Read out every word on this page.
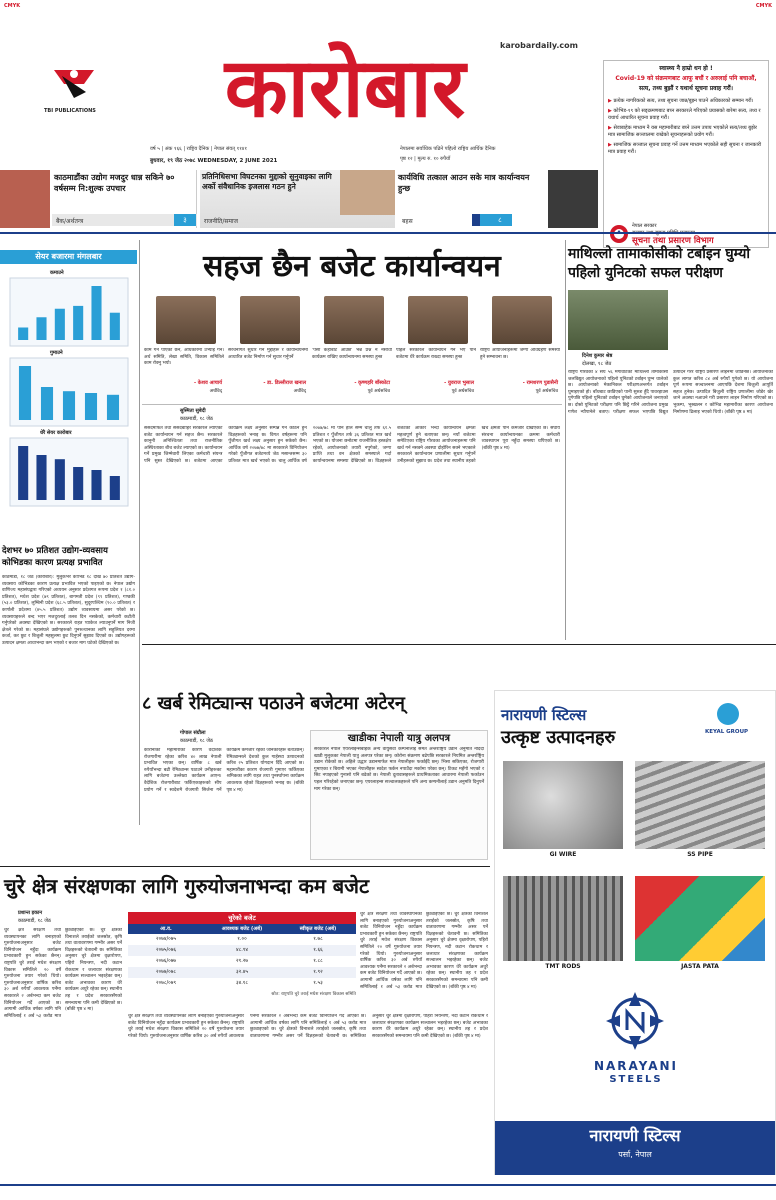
CMYK	CMYK
TBI PUBLICATIONS	कारोबार	karobardaily.com
वर्ष ५ | अंक १६६ | राष्ट्रिय दैनिक | नेपाल संवत् ११४१
बुधवार, १९ जेठ २०७८ WEDNESDAY, 2 JUNE 2021
नेपालमा सर्वाधिक पढिने पहिलो राष्ट्रिय आर्थिक दैनिक
पृष्ठ १२ | मूल्य रु. १० रुपैयाँ
स्वास्थ्य नै हाम्रो धन हो !
Covid-19 को संक्रमणबाट आफू बचौं र अरुलाई पनि बचाऔं,
सत्य, तथ्य बुझौं र यथार्थ सूचना प्रवाह गरौं।
▶ प्रत्येक नागरिकको सत्य, तथ्य सूचना जान्न/बुझ्न पाउने अधिकारको सम्मान गरौं।
▶ कोभिड-१९ को सङ्क्रमणबाट बच्न सरकारले गरिएको प्रयासको बारेमा सत्य, तथ्य र यथार्थ आधारित सूचना प्रवाह गरौं।
▶ सेवाबाहेक माध्यम नै यस महामारीबाट बच्ने उत्तम उपाय भएकोले सत्य/तथ्य बुझेर मात्र सामाजिक सञ्जालमा राखेको सूचनाहरूको प्रयोग गरौं।
▶ सामाजिक सञ्जाल सूचना प्रवाह गर्ने उत्तम माध्यम भएकोले सही सूचना र जानकारी मात्र प्रवाह गरौं।
नेपाल सरकार
सूचना तथा प्रसारण विभाग
काठमाडौंका उद्योग मजदुर धान्न सकिने ७० वर्षसम्म नि:शुल्क उपचार
बैंक/अर्थतन्त्र	३
प्रतिनिधिसभा विघटनका मुद्दाको सुनुवाइका लागि अर्को संवैधानिक इजलास गठन हुने
राजनीति/समाज
कार्यविधि तत्काल आउन सके मात्र कार्यान्वयन हुन्छ
बहस	८
सेयर बजारमा मंगलबार
कमाउने
गुमाउने
धेरै सेयर कारोबार
देशभर ७० प्रतिशत उद्योग-व्यवसाय कोभिडका कारण प्रत्यक्ष प्रभावित
काठमाडौं, १८ जेठ (कारोबार): मुलुकभर कोभिड १८ देखि ७० प्रतिशत उद्योग-व्यवसाय कोभिडका कारण प्रत्यक्ष प्रभावित भएको पाइएको छ। नेपाल उद्योग वाणिज्य महासंघद्वारा गरिएको अध्ययन अनुसार प्रदेशगत रूपमा प्रदेश १ (८१.० प्रतिशत), मधेश प्रदेश (७९ प्रतिशत), बागमती प्रदेश (९९ प्रतिशत), गण्डकी (५३.० प्रतिशत), लुम्बिनी प्रदेश (६८.५ प्रतिशत), सुदूरपश्चिम (९०.० प्रतिशत) र कर्णाली प्रदेशमा (४५.५ प्रतिशत) उद्योग व्यवसायमा असर परेको छ। व्यवसायहरूले बन्द भएर मजदुरलाई तलब दिन नसकेको, कर्मचारी कटौती गर्नुपरेको अवस्था देखिएको छ। सरकारले राहत प्याकेज ल्याउनुपर्ने माग निजी क्षेत्रले गरेको छ। महासंघले उद्योगहरूको पुनरुत्थानका लागि सहुलियत दरमा कर्जा, कर छुट र बिजुली महसुलमा छुट दिनुपर्ने सुझाव दिएको छ। उद्योगहरूको उत्पादन क्षमता आधाभन्दा कम भएको र बजार माग घटेको देखिएको छ।
सहज छैन बजेट कार्यान्वयन
काम गर्ने पाएको छैन, अधिकारमा उभ्याइ गर्ने। अर्थ समिति, लेखा समिति, विकास समितिले काम रोक्नु भयो।
- केशव आचार्य
अर्थविद्
संरचनागत सुधार गर्ने मुद्दाहरू र कार्यान्वयनमा आधारित बजेट निर्माण गर्न सुधार गर्नुपर्ने
- डा. डिल्लीराज खनाल
अर्थविद्
'पैसा कहाँबाट आउँछ' भन्ने प्रश्न नै नसोधी कार्यक्रम राखिए कार्यान्वयनमा समस्या हुन्छ
- कृष्णहरि बाँस्कोटा
पूर्व अर्थसचिव
पहिले सरकारले कार्यान्वयन गर्ने भए पनि बजेटमा धेरै कार्यक्रम राख्दा समस्या हुन्छ
- युवराज भुसाल
पूर्व अर्थसचिव
राष्ट्रिय आयोजनाहरूमा जग्गा अधिग्रहण समस्या हुने सम्भावना छ।
- रामशरण पुडासैनी
पूर्व अर्थसचिव
सुस्मिता सुबेदी
काठमाडौं, १८ जेठ
संसदमार्फत तथा संसदबाहिर सरकारले ल्याएको बजेट कार्यान्वयन गर्न सहज छैन। सरकारले कानुनी अनिश्चितता तथा राजनीतिक अस्थिरताका बीच बजेट ल्याएको छ। कार्यान्वयन गर्ने प्रमुख जिम्मेवारी लिएका कर्मचारी संयन्त्र पनि सुस्त देखिएको छ। बजेटमा आएका कार्यक्रम लक्ष्य अनुसार सम्पन्न गर्न कठिन हुने विज्ञहरूको भनाइ छ। विगत वर्षहरूमा पनि पुँजीगत खर्च लक्ष्य अनुसार हुन सकेको छैन। आर्थिक वर्ष २०७७/७८ मा सरकारले विनियोजन गरेको पुँजीगत बजेटमध्ये जेठ मसान्तसम्म ३० प्रतिशत मात्र खर्च भएको छ। चालु आर्थिक वर्ष २०७७/७८ मा पनि हाल सम्म चालु तर्फ ६१.५ प्रतिशत र पुँजीगत तर्फ ३६ प्रतिशत मात्र खर्च भएको छ। योजना छनोटमा राजनीतिक हस्तक्षेप रहेको, आयोजनाको तयारी नपुगेको, जग्गा प्राप्ति तथा वन क्षेत्रको समस्याले गर्दा कार्यान्वयनमा समस्या देखिएको छ। विज्ञहरूले बजेटको आकार भन्दा कार्यान्वयन क्षमता महत्वपूर्ण हुने बताएका छन्। नयाँ बजेटमा समेटिएका राष्ट्रिय गौरवका आयोजनाहरूमा पनि खर्च गर्न नसक्ने अवस्था दोहोरिन सक्ने भएकाले सरकारले कार्यान्वयन प्रणालीमा सुधार गर्नुपर्ने उनीहरूको सुझाव छ। प्रदेश तथा स्थानीय तहको खर्च क्षमता पनि कमजोर देखिएको छ। संघीय संरचना कार्यान्वयनका क्रममा कर्मचारी व्यवस्थापन पूरा नहुँदा समस्या थपिएको छ। (बाँकी पृष्ठ ४ मा)
माथिल्लो तामाकोसीको टर्बाइन घुम्यो पहिलो युनिटको सफल परीक्षण
दिनेश कुमार श्रेष्ठ
दोलखा, १८ जेठ
राष्ट्रिय गौरवको ४ सय ५६ मेगावाटको माथिल्लो तामाकोसी जलविद्युत आयोजनाको पहिलो युनिटको टर्बाइन घुम्न थालेको छ। आयोजनाको मेकानिकल परीक्षणअन्तर्गत टर्बाइन घुमाइएको हो। बाँधबाट छाडिएको पानी सुरुङ हुँदै पावरहाउस पुगेपछि पहिलो युनिटको टर्बाइन घुमेको आयोजनाले जनाएको छ। दोस्रो युनिटको परीक्षण पनि छिट्टै गरिने आयोजना प्रमुख गणेश न्यौपानेले बताए। परीक्षण सफल भएपछि विद्युत उत्पादन गरेर राष्ट्रिय प्रसारण लाइनमा जोडिनेछ। आयोजनाको कुल लागत करिब ८४ अर्ब रुपैयाँ पुगेको छ। यो आयोजना पूर्ण रूपमा सञ्चालनमा आएपछि देशमा बिजुली आपूर्ति सहज हुनेछ। उत्पादित बिजुली राष्ट्रिय प्रणालीमा जोडेर खेर जाने अवस्था नआउने गरी प्रसारण लाइन निर्माण गरिएको छ। भुकम्प, भूस्खलन र कोभिड महामारीका कारण आयोजना निर्माणमा ढिलाइ भएको थियो। (बाँकी पृष्ठ ४ मा)
८ खर्ब रेमिट्यान्स पठाउने बजेटमा अटेरन्
गोपाल संग्रौला
काठमाडौं, १८ जेठ
कोरोनाको महामारीका कारण वैदेशिक रोजगारीमा रहेका करिब ४० लाख नेपाली प्रभावित भएका छन्। वार्षिक ८ खर्ब रुपैयाँभन्दा बढी रेमिट्यान्स पठाउने उनीहरूका लागि बजेटमा उल्लेख्य कार्यक्रम आएन। वैदेशिक रोजगारीबाट फर्किएकाहरूको सीप प्रयोग गर्ने र स्वदेशमै रोजगारी सिर्जना गर्ने कार्यक्रम कमजोर रहेको जानकारहरू बताउँछन्। रेमिट्यान्सले देशको कुल गार्हस्थ्य उत्पादनको करिब २५ प्रतिशत योगदान दिँदै आएको छ। महामारीका कारण रोजगारी गुमाएर फर्किएका श्रमिकका लागि राहत तथा पुनर्स्थापना कार्यक्रम आवश्यक रहेको विज्ञहरूको भनाइ छ। (बाँकी पृष्ठ ४ मा)
खाडीका नेपाली यात्रु अलपत्र
सरकारले नेपाल एयरलाइन्सबाहेक अन्य वायुसेवा कम्पनीलाई समेत अन्तर्राष्ट्रिय उडान अनुमति नदिँदा खाडी मुलुकका नेपाली यात्रु अलपत्र परेका छन्। कोरोना संक्रमण बढेपछि सरकारले नियमित अन्तर्राष्ट्रिय उडान रोकेको छ। अहिले उद्धार उडानमार्फत मात्र नेपालीहरू फर्काइँदै छन्। भिसा सकिएका, रोजगारी गुमाएका र बिरामी भएका नेपालीहरू स्वदेश फर्कन नपाउँदा मर्कामा परेका छन्। टिकट महँगो भएको र सिट नपाइएको गुनासो पनि बढेको छ। नेपाली दूतावासहरूले प्राथमिकताका आधारमा नेपाली फर्काउन पहल गरिरहेको जनाएका छन्। एयरलाइन्स सञ्चालकहरूले पनि अन्य कम्पनीलाई उडान अनुमति दिनुपर्ने माग गरेका छन्।
नारायणी स्टिल्स
उत्कृष्ट उत्पादनहरु	KEYAL GROUP
GI WIRE	SS PIPE
TMT RODS	JASTA PATA
NARAYANI
STEELS
नारायणी स्टिल्स
पर्सा, नेपाल
चुरे क्षेत्र संरक्षणका लागि गुरुयोजनाभन्दा कम बजेट
प्रशान्त इकान
काठमाडौं, १८ जेठ
चुरे क्षेत्र संरक्षण तथा व्यवस्थापनका लागि बनाइएको गुरुयोजनाअनुसार बजेट विनियोजन नहुँदा कार्यक्रम प्रभावकारी हुन सकेका छैनन्। राष्ट्रपति चुरे तराई मधेश संरक्षण विकास समितिले २० वर्षे गुरुयोजना तयार गरेको थियो। गुरुयोजनाअनुसार वार्षिक करिब ३० अर्ब रुपैयाँ आवश्यक पर्नेमा सरकारले २ अर्बभन्दा कम बजेट विनियोजन गर्दै आएको छ। आगामी आर्थिक वर्षका लागि पनि समितिलाई १ अर्ब ५३ करोड मात्र छुट्याइएको छ। चुरे क्षेत्रको विनाशले तराईको जलस्रोत, कृषि तथा वातावरणमा गम्भीर असर पर्ने विज्ञहरूको चेतावनी छ। समितिका अनुसार चुरे क्षेत्रमा वृक्षारोपण, पहिरो नियन्त्रण, नदी कटान रोकथाम र जलाधार संरक्षणका कार्यक्रम सञ्चालन भइरहेका छन्। बजेट अभावका कारण धेरै कार्यक्रम अधुरै रहेका छन्। स्थानीय तह र प्रदेश सरकारसँगको समन्वयमा पनि कमी देखिएको छ। (बाँकी पृष्ठ ४ मा)
चुरेको बजेट
आ.व.	आवश्यक बजेट (अर्ब)	स्वीकृत बजेट (अर्ब)
२०७४/०७५	१.००	१.७८
२०७५/०७६	४८.९४	१.६६
२०७६/०७७	२१.२७	१.८८
२०७७/०७८	३२.४५	१.९२
२०७८/०७९	३४.१८	१.५३
स्रोत: राष्ट्रपति चुरे तराई मधेश संरक्षण विकास समिति
चुरे क्षेत्र संरक्षण तथा व्यवस्थापनका लागि बनाइएको गुरुयोजनाअनुसार बजेट विनियोजन नहुँदा कार्यक्रम प्रभावकारी हुन सकेका छैनन्। राष्ट्रपति चुरे तराई मधेश संरक्षण विकास समितिले २० वर्षे गुरुयोजना तयार गरेको थियो। गुरुयोजनाअनुसार वार्षिक करिब ३० अर्ब रुपैयाँ आवश्यक पर्नेमा सरकारले २ अर्बभन्दा कम बजेट विनियोजन गर्दै आएको छ। आगामी आर्थिक वर्षका लागि पनि समितिलाई १ अर्ब ५३ करोड मात्र छुट्याइएको छ। चुरे क्षेत्रको विनाशले तराईको जलस्रोत, कृषि तथा वातावरणमा गम्भीर असर पर्ने विज्ञहरूको चेतावनी छ। समितिका अनुसार चुरे क्षेत्रमा वृक्षारोपण, पहिरो नियन्त्रण, नदी कटान रोकथाम र जलाधार संरक्षणका कार्यक्रम सञ्चालन भइरहेका छन्। बजेट अभावका कारण धेरै कार्यक्रम अधुरै रहेका छन्। स्थानीय तह र प्रदेश सरकारसँगको समन्वयमा पनि कमी देखिएको छ। (बाँकी पृष्ठ ४ मा)
चुरे क्षेत्र संरक्षण तथा व्यवस्थापनका लागि बनाइएको गुरुयोजनाअनुसार बजेट विनियोजन नहुँदा कार्यक्रम प्रभावकारी हुन सकेका छैनन्। राष्ट्रपति चुरे तराई मधेश संरक्षण विकास समितिले २० वर्षे गुरुयोजना तयार गरेको थियो। गुरुयोजनाअनुसार वार्षिक करिब ३० अर्ब रुपैयाँ आवश्यक पर्नेमा सरकारले २ अर्बभन्दा कम बजेट विनियोजन गर्दै आएको छ। आगामी आर्थिक वर्षका लागि पनि समितिलाई १ अर्ब ५३ करोड मात्र छुट्याइएको छ। चुरे क्षेत्रको विनाशले तराईको जलस्रोत, कृषि तथा वातावरणमा गम्भीर असर पर्ने विज्ञहरूको चेतावनी छ। समितिका अनुसार चुरे क्षेत्रमा वृक्षारोपण, पहिरो नियन्त्रण, नदी कटान रोकथाम र जलाधार संरक्षणका कार्यक्रम सञ्चालन भइरहेका छन्। बजेट अभावका कारण धेरै कार्यक्रम अधुरै रहेका छन्। स्थानीय तह र प्रदेश सरकारसँगको समन्वयमा पनि कमी देखिएको छ। (बाँकी पृष्ठ ४ मा)
